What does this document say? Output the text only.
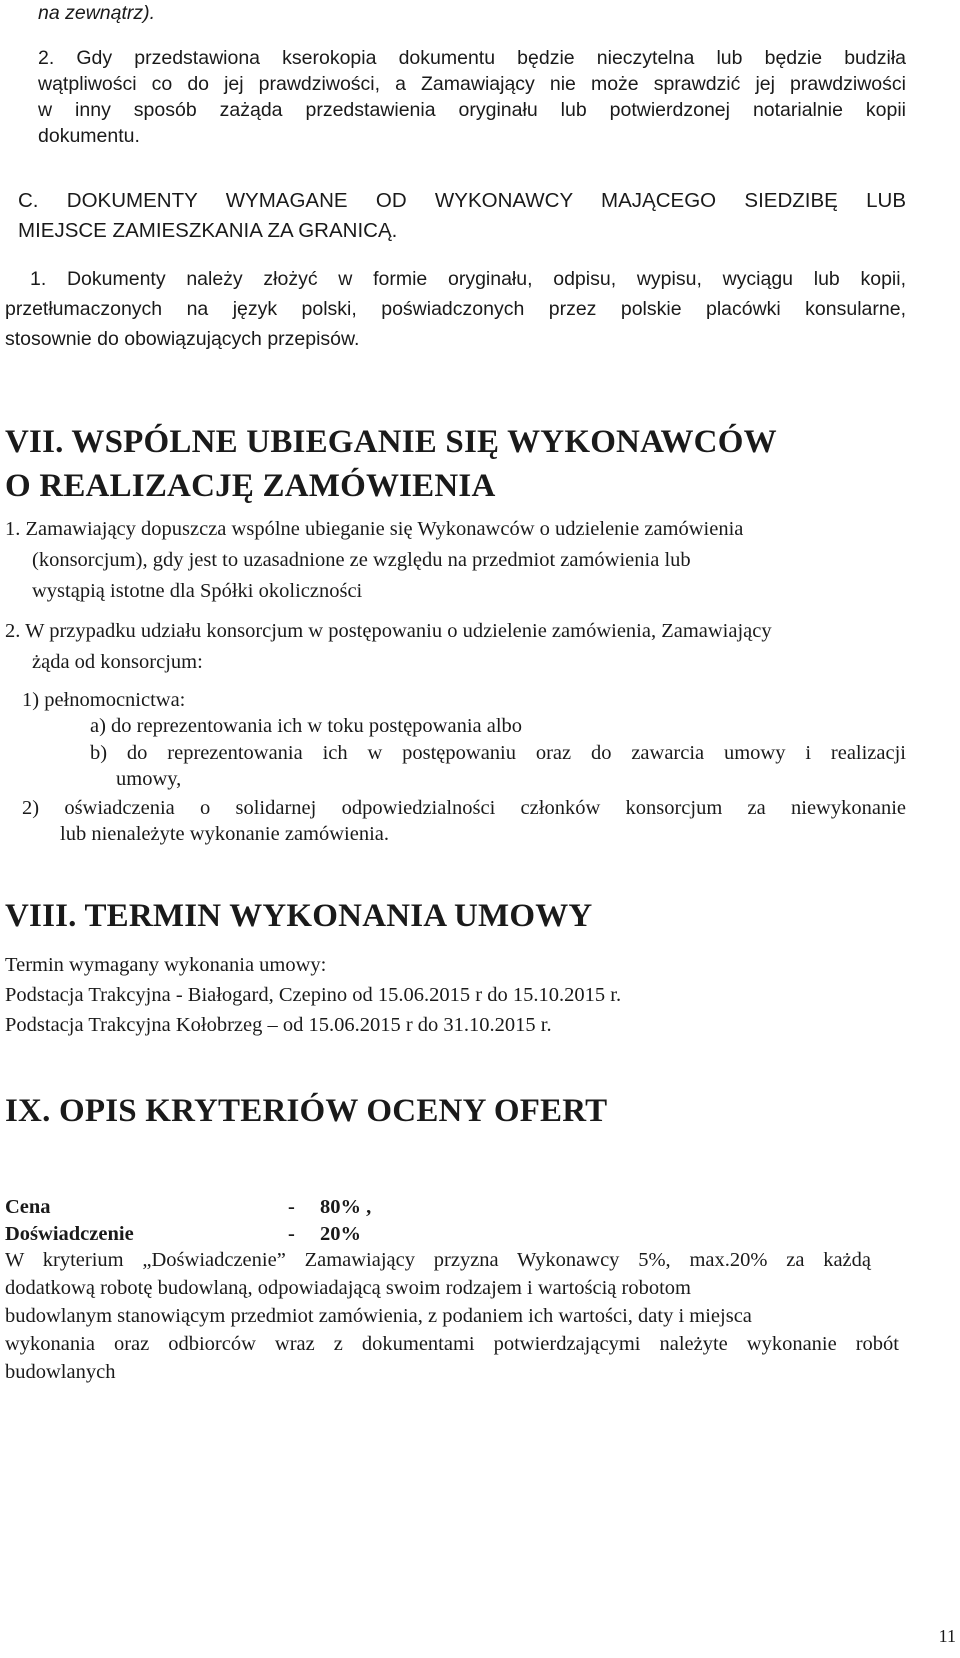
na zewnątrz).
2. Gdy przedstawiona kserokopia dokumentu będzie nieczytelna lub będzie budziła
wątpliwości co do jej prawdziwości, a Zamawiający nie może sprawdzić jej prawdziwości
w inny sposób zażąda przedstawienia oryginału lub potwierdzonej notarialnie kopii
dokumentu.
C. DOKUMENTY WYMAGANE OD WYKONAWCY MAJĄCEGO SIEDZIBĘ LUB
MIEJSCE ZAMIESZKANIA ZA GRANICĄ.
1. Dokumenty należy złożyć w formie oryginału, odpisu, wypisu, wyciągu lub kopii,
przetłumaczonych na język polski, poświadczonych przez polskie placówki konsularne,
stosownie do obowiązujących przepisów.
VII. WSPÓLNE UBIEGANIE SIĘ WYKONAWCÓW
O REALIZACJĘ ZAMÓWIENIA
1. Zamawiający dopuszcza wspólne ubieganie się Wykonawców o udzielenie zamówienia
(konsorcjum), gdy jest to uzasadnione ze względu na przedmiot zamówienia lub
wystąpią istotne dla Spółki okoliczności
2. W przypadku udziału konsorcjum w postępowaniu o udzielenie zamówienia, Zamawiający
żąda od konsorcjum:
1) pełnomocnictwa:
a) do reprezentowania ich w toku postępowania albo
b) do reprezentowania ich w postępowaniu oraz do zawarcia umowy i realizacji
umowy,
2) oświadczenia o solidarnej odpowiedzialności członków konsorcjum za niewykonanie
lub nienależyte wykonanie zamówienia.
VIII. TERMIN WYKONANIA UMOWY
Termin wymagany wykonania umowy:
Podstacja Trakcyjna - Białogard, Czepino od 15.06.2015 r do 15.10.2015 r.
Podstacja Trakcyjna Kołobrzeg – od 15.06.2015 r do 31.10.2015 r.
IX. OPIS KRYTERIÓW OCENY OFERT
Cena	- 80% ,
Doświadczenie	- 20%
W kryterium „Doświadczenie” Zamawiający przyzna Wykonawcy 5%, max.20% za każdą
dodatkową robotę budowlaną, odpowiadającą swoim rodzajem i wartością robotom
budowlanym stanowiącym przedmiot zamówienia, z podaniem ich wartości, daty i miejsca
wykonania oraz odbiorców wraz z dokumentami potwierdzającymi należyte wykonanie robót
budowlanych
11
